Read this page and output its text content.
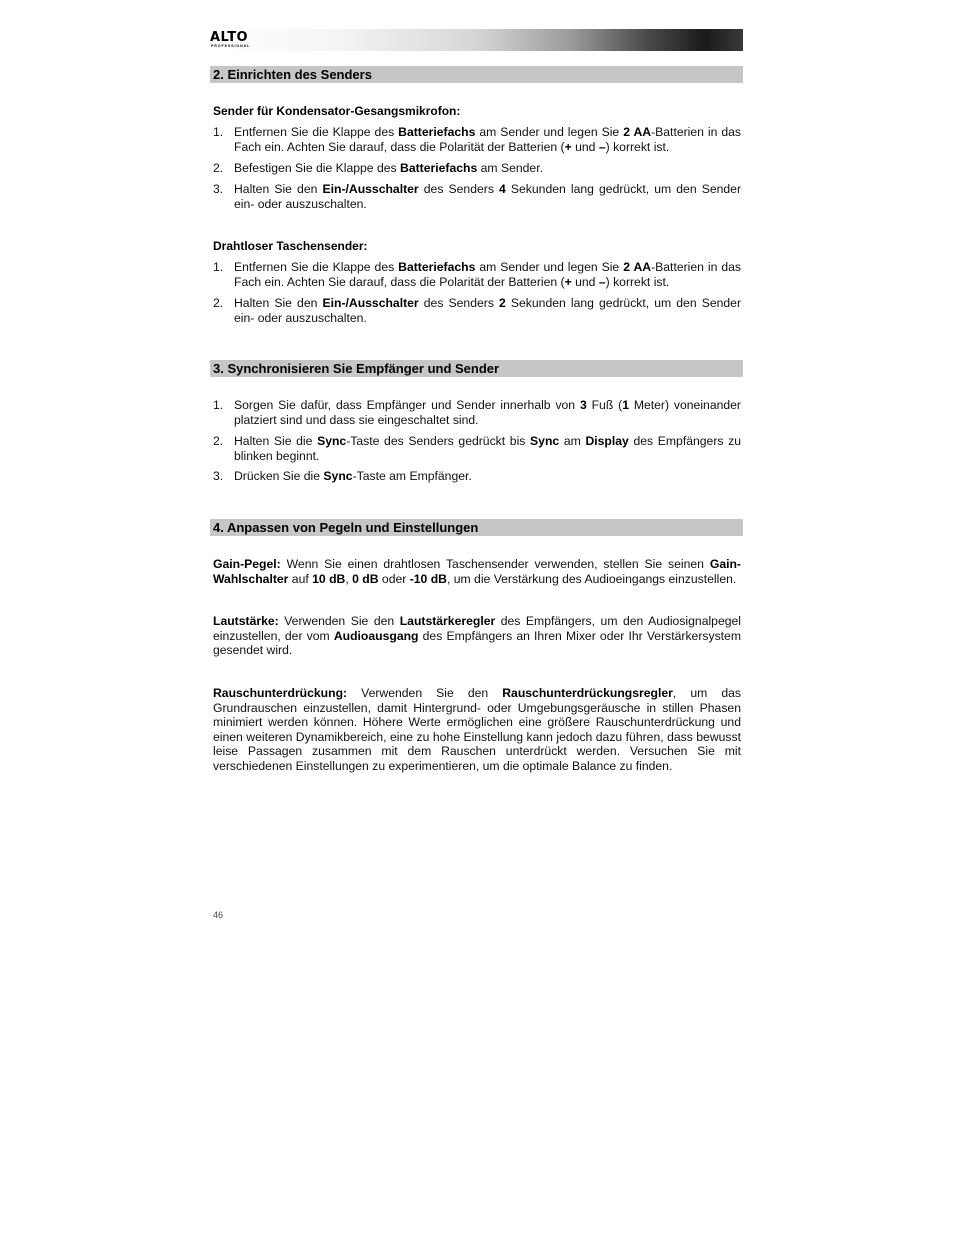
ALTO
PROFESSIONAL
2. Einrichten des Senders
Sender für Kondensator-Gesangsmikrofon:
1. Entfernen Sie die Klappe des Batteriefachs am Sender und legen Sie 2 AA-Batterien in das Fach ein. Achten Sie darauf, dass die Polarität der Batterien (+ und –) korrekt ist.
2. Befestigen Sie die Klappe des Batteriefachs am Sender.
3. Halten Sie den Ein-/Ausschalter des Senders 4 Sekunden lang gedrückt, um den Sender ein- oder auszuschalten.
Drahtloser Taschensender:
1. Entfernen Sie die Klappe des Batteriefachs am Sender und legen Sie 2 AA-Batterien in das Fach ein. Achten Sie darauf, dass die Polarität der Batterien (+ und –) korrekt ist.
2. Halten Sie den Ein-/Ausschalter des Senders 2 Sekunden lang gedrückt, um den Sender ein- oder auszuschalten.
3. Synchronisieren Sie Empfänger und Sender
1. Sorgen Sie dafür, dass Empfänger und Sender innerhalb von 3 Fuß (1 Meter) voneinander platziert sind und dass sie eingeschaltet sind.
2. Halten Sie die Sync-Taste des Senders gedrückt bis Sync am Display des Empfängers zu blinken beginnt.
3. Drücken Sie die Sync-Taste am Empfänger.
4. Anpassen von Pegeln und Einstellungen
Gain-Pegel: Wenn Sie einen drahtlosen Taschensender verwenden, stellen Sie seinen Gain-Wahlschalter auf 10 dB, 0 dB oder -10 dB, um die Verstärkung des Audioeingangs einzustellen.
Lautstärke: Verwenden Sie den Lautstärkeregler des Empfängers, um den Audiosignalpegel einzustellen, der vom Audioausgang des Empfängers an Ihren Mixer oder Ihr Verstärkersystem gesendet wird.
Rauschunterdrückung: Verwenden Sie den Rauschunterdrückungsregler, um das Grundrauschen einzustellen, damit Hintergrund- oder Umgebungsgeräusche in stillen Phasen minimiert werden können. Höhere Werte ermöglichen eine größere Rauschunterdrückung und einen weiteren Dynamikbereich, eine zu hohe Einstellung kann jedoch dazu führen, dass bewusst leise Passagen zusammen mit dem Rauschen unterdrückt werden. Versuchen Sie mit verschiedenen Einstellungen zu experimentieren, um die optimale Balance zu finden.
46
